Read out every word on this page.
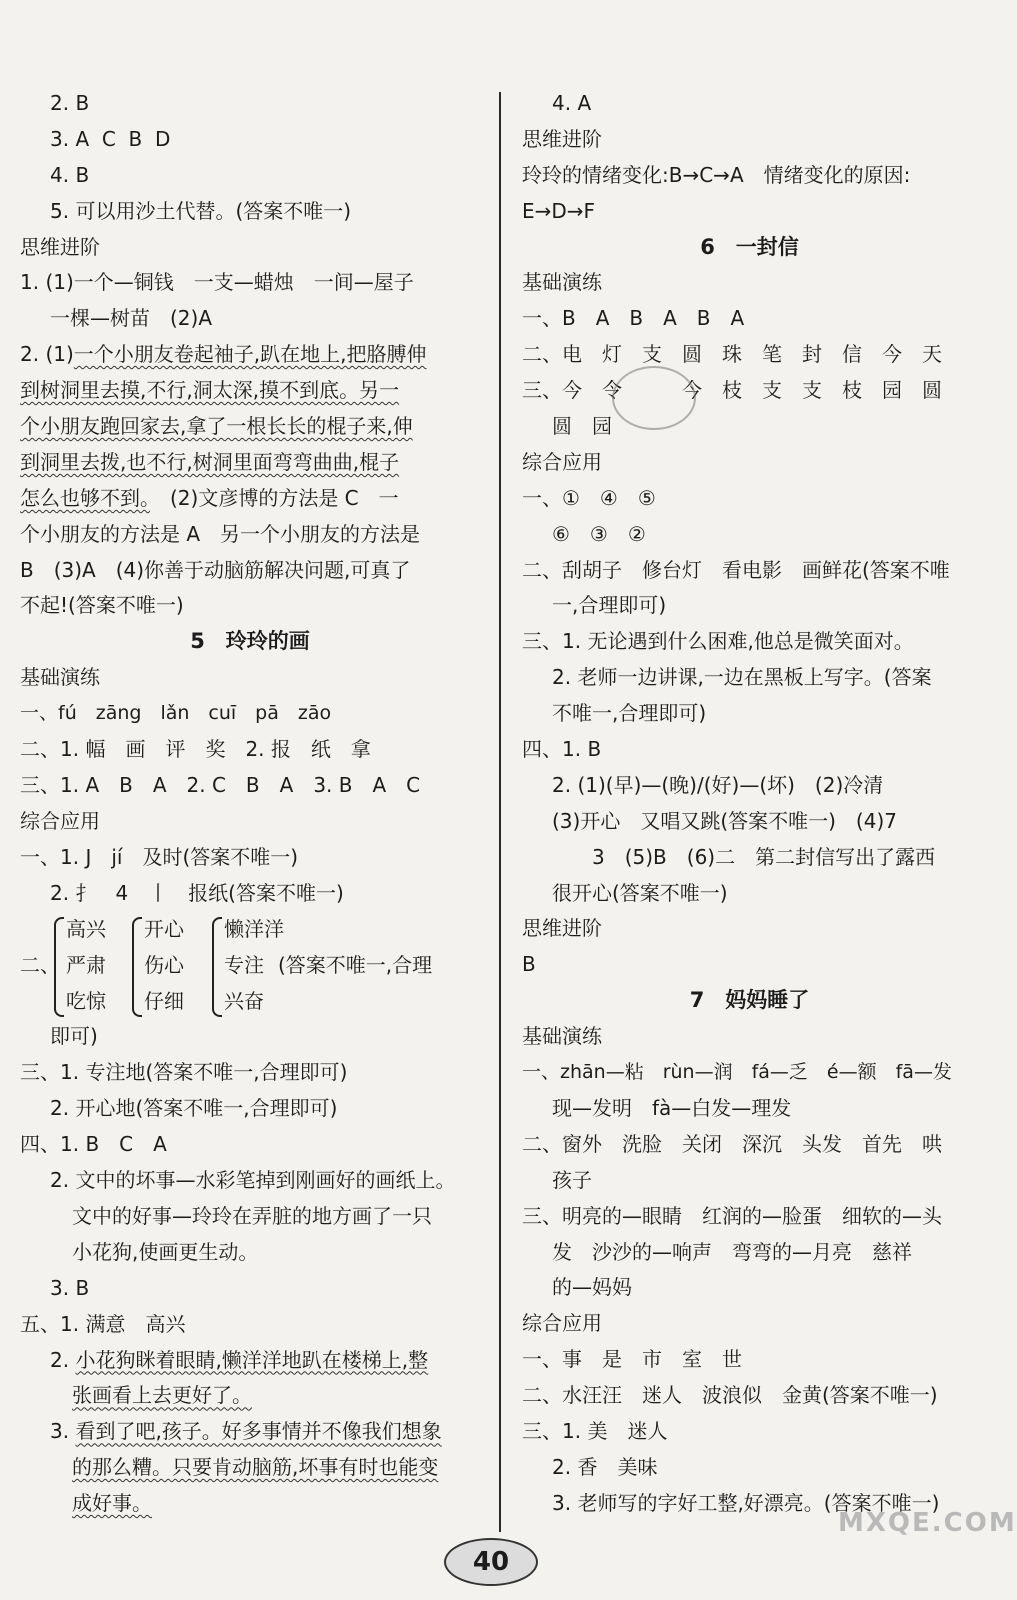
2. B
3. A  C  B  D
4. B
5. 可以用沙土代替。(答案不唯一)
思维进阶
1. (1)一个—铜钱　一支—蜡烛　一间—屋子
一棵—树苗　(2)A
2. (1)一个小朋友卷起袖子,趴在地上,把胳膊伸
到树洞里去摸,不行,洞太深,摸不到底。另一
个小朋友跑回家去,拿了一根长长的棍子来,伸
到洞里去拨,也不行,树洞里面弯弯曲曲,棍子
怎么也够不到。　(2)文彦博的方法是 C　一
个小朋友的方法是 A　另一个小朋友的方法是
B　(3)A　(4)你善于动脑筋解决问题,可真了
不起!(答案不唯一)
5　玲玲的画
基础演练
一、fú　zāng　lǎn　cuī　pā　zāo
二、1. 幅　画　评　奖　2. 报　纸　拿
三、1. A　B　A　2. C　B　A　3. B　A　C
综合应用
一、1. J　jí　及时(答案不唯一)
2. 扌　4　丨　报纸(答案不唯一)
二、
高兴
严肃
吃惊
开心
伤心
仔细
懒洋洋
专注
兴奋
(答案不唯一,合理
即可)
三、1. 专注地(答案不唯一,合理即可)
2. 开心地(答案不唯一,合理即可)
四、1. B　C　A
2. 文中的坏事—水彩笔掉到刚画好的画纸上。
文中的好事—玲玲在弄脏的地方画了一只
小花狗,使画更生动。
3. B
五、1. 满意　高兴
2. 小花狗眯着眼睛,懒洋洋地趴在楼梯上,整
张画看上去更好了。
3. 看到了吧,孩子。好多事情并不像我们想象
的那么糟。只要肯动脑筋,坏事有时也能变
成好事。
4. A
思维进阶
玲玲的情绪变化:B→C→A　情绪变化的原因:
E→D→F
6　一封信
基础演练
一、B　A　B　A　B　A
二、电　灯　支　圆　珠　笔　封　信　今　天
三、今　令　　　今　枝　支　支　枝　园　圆
圆　园
综合应用
一、①　④　⑤
⑥　③　②
二、刮胡子　修台灯　看电影　画鲜花(答案不唯
一,合理即可)
三、1. 无论遇到什么困难,他总是微笑面对。
2. 老师一边讲课,一边在黑板上写字。(答案
不唯一,合理即可)
四、1. B
2. (1)(早)—(晚)/(好)—(坏)　(2)冷清
(3)开心　又唱又跳(答案不唯一)　(4)7
3　(5)B　(6)二　第二封信写出了露西
很开心(答案不唯一)
思维进阶
B
7　妈妈睡了
基础演练
一、zhān—粘　rùn—润　fá—乏　é—额　fā—发
现—发明　fà—白发—理发
二、窗外　洗脸　关闭　深沉　头发　首先　哄
孩子
三、明亮的—眼睛　红润的—脸蛋　细软的—头
发　沙沙的—响声　弯弯的—月亮　慈祥
的—妈妈
综合应用
一、事　是　市　室　世
二、水汪汪　迷人　波浪似　金黄(答案不唯一)
三、1. 美　迷人
2. 香　美味
3. 老师写的字好工整,好漂亮。(答案不唯一)
40
MXQE.COM
